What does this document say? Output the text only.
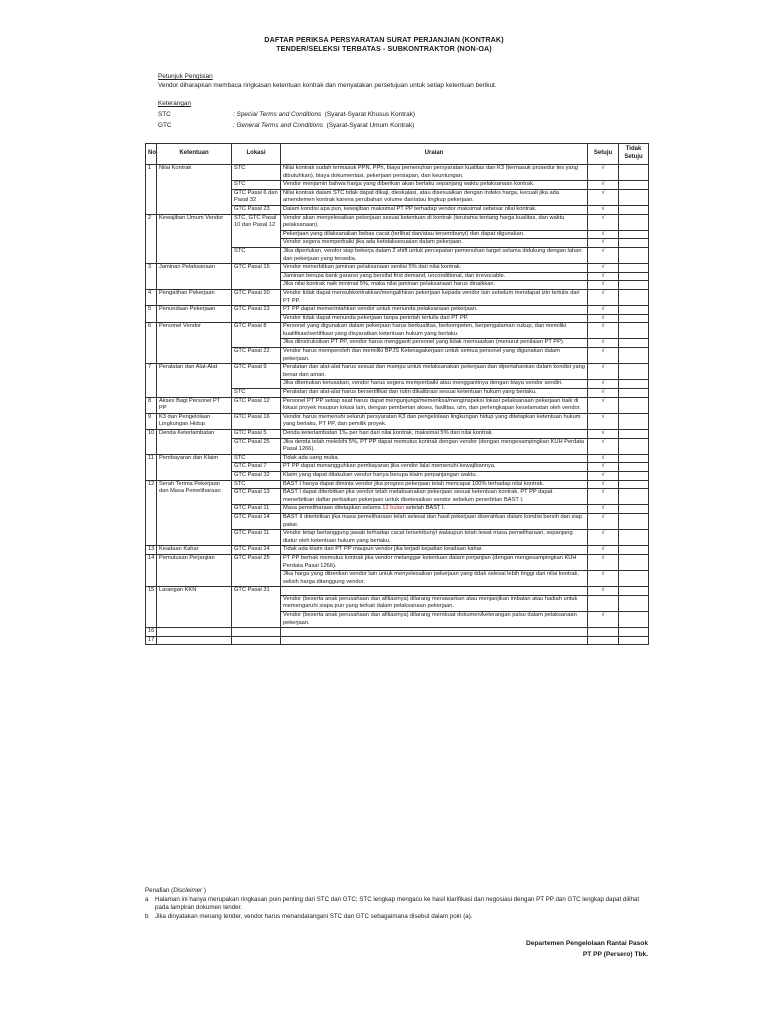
DAFTAR PERIKSA PERSYARATAN SURAT PERJANJIAN (KONTRAK)
TENDER/SELEKSI TERBATAS - SUBKONTRAKTOR (NON-OA)
Petunjuk Pengisian
Vendor diharapkan membaca ringkasan ketentuan kontrak dan menyatakan persetujuan untuk setiap ketentuan berikut.
Keterangan
STC	: Special Terms and Conditions (Syarat-Syarat Khusus Kontrak)
GTC	: General Terms and Conditions (Syarat-Syarat Umum Kontrak)
No	Ketentuan	Lokasi	Uraian	Setuju	Tidak Setuju
1	Nilai Kontrak	STC	Nilai kontrak sudah termasuk PPN, PPh, biaya pemenuhan persyaratan kualitas dan K3 (termasuk prosedur tes yang dibutuhkan), biaya dokumentasi, pekerjaan persiapan, dan keuntungan.	√	
		STC	Vendor menjamin bahwa harga yang diberikan akan berlaku sepanjang waktu pelaksanaan kontrak.	√	
		GTC Pasal 6 dan Pasal 32	Nilai kontrak dalam STC tidak dapat dikaji, dieskalasi, atau disesuaikan dengan indeks harga, kecuali jika ada amendemen kontrak karena perubahan volume dan/atau lingkup pekerjaan.	√	
		GTC Pasal 23	Dalam kondisi apa pun, kewajiban maksimal PT PP terhadap vendor maksimal sebesar nilai kontrak.	√	
2	Kewajiban Umum Vendor	STC, GTC Pasal 10 dan Pasal 12	Vendor akan menyelesaikan pekerjaan sesuai ketentuan di kontrak (terutama tentang harga kualitas, dan waktu pelaksanaan).	√	
			Pekerjaan yang dilaksanakan bebas cacat (terlihat dan/atau tersembunyi) dan dapat digunakan.	√	
			Vendor segera memperbaiki jika ada ketidaksesuaian dalam pekerjaan.	√	
		STC	Jika diperlukan, vendor siap bekerja dalam 2 shift untuk percepatan pemenuhan target selama didukung dengan lahan dan pekerjaan yang tersedia.	√	
3	Jaminan Pelaksanaan	GTC Pasal 15	Vendor menerbitkan jaminan pelaksanaan senilai 5% dari nilai kontrak.	√	
			Jaminan berupa bank garansi yang bersifat first demand, unconditional, dan irrevocable.	√	
			Jika nilai kontrak naik minimal 5%, maka nilai jaminan pelaksanaan harus dinaikkan.	√	
4	Pengalihan Pekerjaan	GTC Pasal 20	Vendor tidak dapat mensubkontrakkan/mengalihkan pekerjaan kepada vendor lain sebelum mendapat izin tertulis dari PT PP.	√	
5	Penundaan Pekerjaan	GTC Pasal 23	PT PP dapat memerintahkan vendor untuk menunda pelaksanaan pekerjaan.	√	
			Vendor tidak dapat menunda pekerjaan tanpa perintah tertulis dari PT PP.	√	
6	Personel Vendor	GTC Pasal 8	Personel yang digunakan dalam pekerjaan harus berkualitas, berkompeten, berpengalaman cukup, dan memiliki kualifikasi/sertifikasi yang disyaratkan ketentuan hukum yang berlaku.	√	
			Jika diinstruksikan PT PP, vendor harus mengganti personel yang tidak memuaskan (menurut penilaian PT PP).	√	
		GTC Pasal 22	Vendor harus memperoleh dan memiliki BPJS Ketenagakerjaan untuk semua personel yang digunakan dalam pekerjaan.	√	
7	Peralatan dan Alat-Alat	GTC Pasal 9	Peralatan dan alat-alat harus sesuai dan mampu untuk melaksanakan pekerjaan dan dipertahankan dalam kondisi yang benar dan aman.	√	
			Jika ditemukan kerusakan, vendor harus segera memperbaiki atau menggantinya dengan biaya vendor sendiri.	√	
		STC	Peralatan dan alat-alat harus bersertifikat dan rutin dikalibrasi sesuai ketentuan hukum yang berlaku.	√	
8	Akses Bagi Personel PT PP	GTC Pasal 12	Personel PT PP setiap saat harus dapat mengunjungi/memeriksa/menginspeksi lokasi pelaksanaan pekerjaan baik di lokasi proyek maupun lokasi lain, dengan pemberian akses, fasilitas, izin, dan perlengkapan keselamatan oleh vendor.	√	
9	K3 dan Pengelolaan Lingkungan Hidup	GTC Pasal 16	Vendor harus memenuhi seluruh persyaratan K3 dan pengelolaan lingkungan hidup yang ditetapkan ketentuan hukum yang berlaku, PT PP, dan pemilik proyek.	√	
10	Denda Keterlambatan	GTC Pasal 5	Denda keterlambatan 1‰ per hari dari nilai kontrak, maksimal 5% dari nilai kontrak.	√	
		GTC Pasal 25	Jika denda telah melebihi 5%, PT PP dapat memutus kontrak dengan vendor (dengan mengesampingkan KUH Perdata Pasal 1266).	√	
11	Pembayaran dan Klaim	STC	Tidak ada uang muka.	√	
		GTC Pasal 7	PT PP dapat menangguhkan pembayaran jika vendor lalai memenuhi kewajibannya.	√	
		GTC Pasal 32	Klaim yang dapat dilakukan vendor hanya berupa klaim perpanjangan waktu.	√	
12	Serah Terima Pekerjaan dan Masa Pemeliharaan	STC	BAST I hanya dapat diminta vendor jika progres pekerjaan telah mencapai 100% terhadap nilai kontrak.	√	
		GTC Pasal 13	BAST I dapat diterbitkan jika vendor telah melaksanakan pekerjaan sesuai ketentuan kontrak. PT PP dapat menerbitkan daftar perbaikan pekerjaan untuk diselesaikan vendor sebelum penerbitan BAST I.	√	
		GTC Pasal 11	Masa pemeliharaan ditetapkan selama 12 bulan setelah BAST I.	√	
		GTC Pasal 14	BAST II diterbitkan jika masa pemeliharaan telah selesai dan hasil pekerjaan diserahkan dalam kondisi bersih dan siap pakai.	√	
		GTC Pasal 11	Vendor tetap bertanggung jawab terhadap cacat tersembunyi walaupun telah lewat masa pemeliharaan, sepanjang diatur oleh ketentuan hukum yang berlaku.	√	
13	Keadaan Kahar	GTC Pasal 24	Tidak ada klaim dari PT PP maupun vendor jika terjadi kejadian keadaan kahar.	√	
14	Pemutusan Perjanjian	GTC Pasal 25	PT PP berhak memutus kontrak jika vendor melanggar ketentuan dalam perjanjian (dengan mengesampingkan KUH Perdata Pasal 1266).	√	
			Jika harga yang diberikan vendor lain untuk menyelesaikan pekerjaan yang tidak selesai lebih tinggi dari nilai kontrak, selisih harga ditanggung vendor.	√	
15	Larangan KKN	GTC Pasal 31		√	
			Vendor (beserta anak perusahaan dan afiliasinya) dilarang menawarkan atau menjanjikan imbalan atau hadiah untuk memengaruhi siapa pun yang terkait dalam pelaksanaan pekerjaan.		
			Vendor (beserta anak perusahaan dan afiliasinya) dilarang membuat dokumen/keterangan palsu dalam pelaksanaan pekerjaan.	√	
16					
17					
Penafian (Discleimer )
a	Halaman ini hanya merupakan ringkasan poin penting dari STC dan GTC; STC lengkap mengacu ke hasil klarifikasi dan negosiasi dengan PT PP dan GTC lengkap dapat dilihat pada lampiran dokumen tender.
b	Jika dinyatakan menang tender, vendor harus menandatangani STC dan GTC sebagaimana disebut dalam poin (a).
Departemen Pengelolaan Rantai Pasok
PT PP (Persero) Tbk.
